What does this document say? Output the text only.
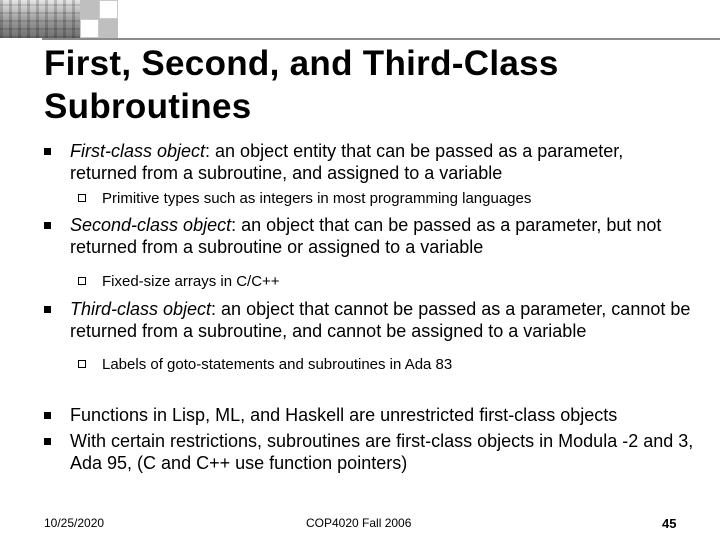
First, Second, and Third-Class
Subroutines
First-class object: an object entity that can be passed as a parameter, returned from a subroutine, and assigned to a variable
Primitive types such as integers in most programming languages
Second-class object: an object that can be passed as a parameter, but not returned from a subroutine or assigned to a variable
Fixed-size arrays in C/C++
Third-class object: an object that cannot be passed as a parameter, cannot be returned from a subroutine, and cannot be assigned to a variable
Labels of goto-statements and subroutines in Ada 83
Functions in Lisp, ML, and Haskell are unrestricted first-class objects
With certain restrictions, subroutines are first-class objects in Modula -2 and 3, Ada 95, (C and C++ use function pointers)
10/25/2020	COP4020 Fall 2006	45
